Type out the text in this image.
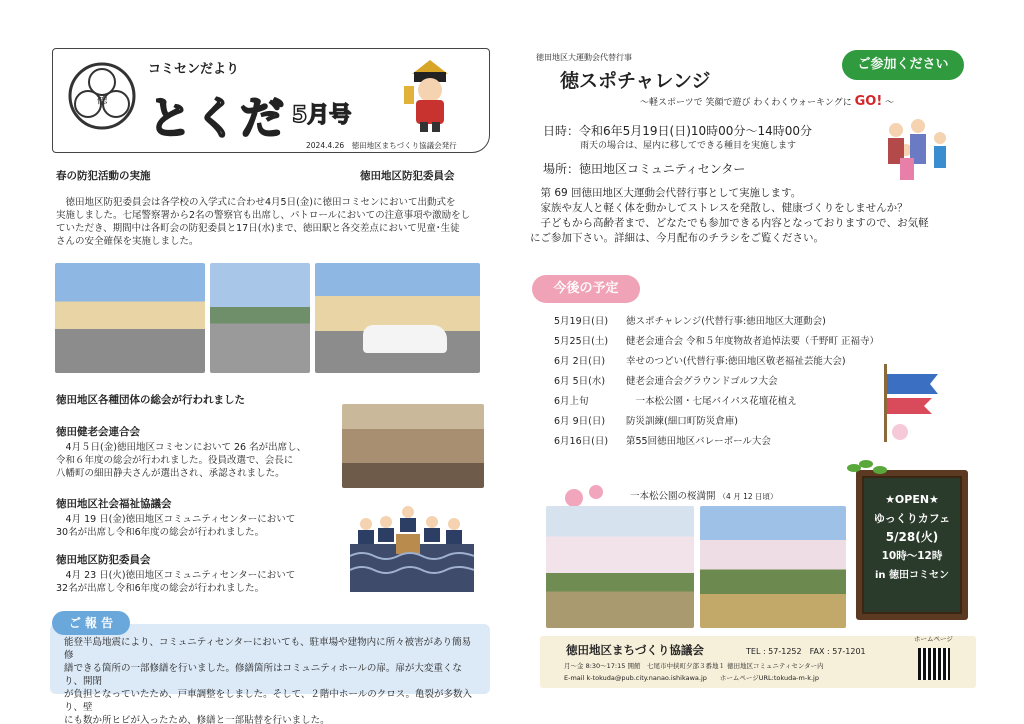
徳
コミセンだより
とくだ 5月号
2024.4.26　徳田地区まちづくり協議会発行
春の防犯活動の実施	徳田地区防犯委員会
　徳田地区防犯委員会は各学校の入学式に合わせ4月5日(金)に徳田コミセンにおいて出動式を
実施しました。七尾警察署から2名の警察官も出席し、パトロールにおいての注意事項や激励をし
ていただき、期間中は各町会の防犯委員と17日(水)まで、徳田駅と各交差点において児童･生徒
さんの安全確保を実施しました。
徳田地区各種団体の総会が行われました
徳田健老会連合会
　4月５日(金)徳田地区コミセンにおいて 26 名が出席し、
令和６年度の総会が行われました。役員改選で、会長に
八幡町の細田静夫さんが選出され、承認されました。
徳田地区社会福祉協議会
　4月 19 日(金)徳田地区コミュニティセンターにおいて
30名が出席し令和6年度の総会が行われました。
徳田地区防犯委員会
　4月 23 日(火)徳田地区コミュニティセンターにおいて
32名が出席し令和6年度の総会が行われました。
能登半島地震により、コミュニティセンターにおいても、駐車場や建物内に所々被害があり簡易修
繕できる箇所の一部修繕を行いました。修繕箇所はコミュニティホールの扉。扉が大変重くなり、開閉
が負担となっていたため、戸車調整をしました。そして、２階中ホールのクロス。亀裂が多数入り、壁
にも数か所ヒビが入ったため、修繕と一部貼替を行いました。
ご 報 告
徳田地区大運動会代替行事
徳スポチャレンジ
～軽スポーツで 笑顔で遊び わくわくウォーキングに GO! ～
ご参加ください
日時：令和6年5月19日(日)10時00分～14時00分
雨天の場合は、屋内に移してできる種目を実施します
場所：徳田地区コミュニティセンター
　第 69 回徳田地区大運動会代替行事として実施します。
　家族や友人と軽く体を動かしてストレスを発散し、健康づくりをしませんか？
　子どもから高齢者まで、どなたでも参加できる内容となっておりますので、お気軽
にご参加下さい。詳細は、今月配布のチラシをご覧ください。
今後の予定
5月19日(日) 徳スポチャレンジ(代替行事:徳田地区大運動会)
5月25日(土) 健老会連合会 令和５年度物故者追悼法要（千野町 正福寺）
6月 2日(日) 幸せのつどい(代替行事:徳田地区敬老福祉芸能大会)
6月 5日(水) 健老会連合会グラウンドゴルフ大会
6月上旬	　一本松公園・七尾バイパス花壇花植え
6月 9日(日) 防災訓練(細口町防災倉庫)
6月16日(日) 第55回徳田地区バレーボール大会
一本松公園の桜満開 （4 月 12 日頃）	★OPEN★
ゆっくりカフェ
5/28(火)
10時～12時
in 徳田コミセン
徳田地区まちづくり協議会	TEL : 57-1252　FAX : 57-1201
月～金 8:30～17:15 開館　七尾市中挟町夕部３番地１ 徳田地区コミュニティセンター内
E-mail k-tokuda@pub.city.nanao.ishikawa.jp　　ホームページURL:tokuda-m-k.jp
ホームページ
